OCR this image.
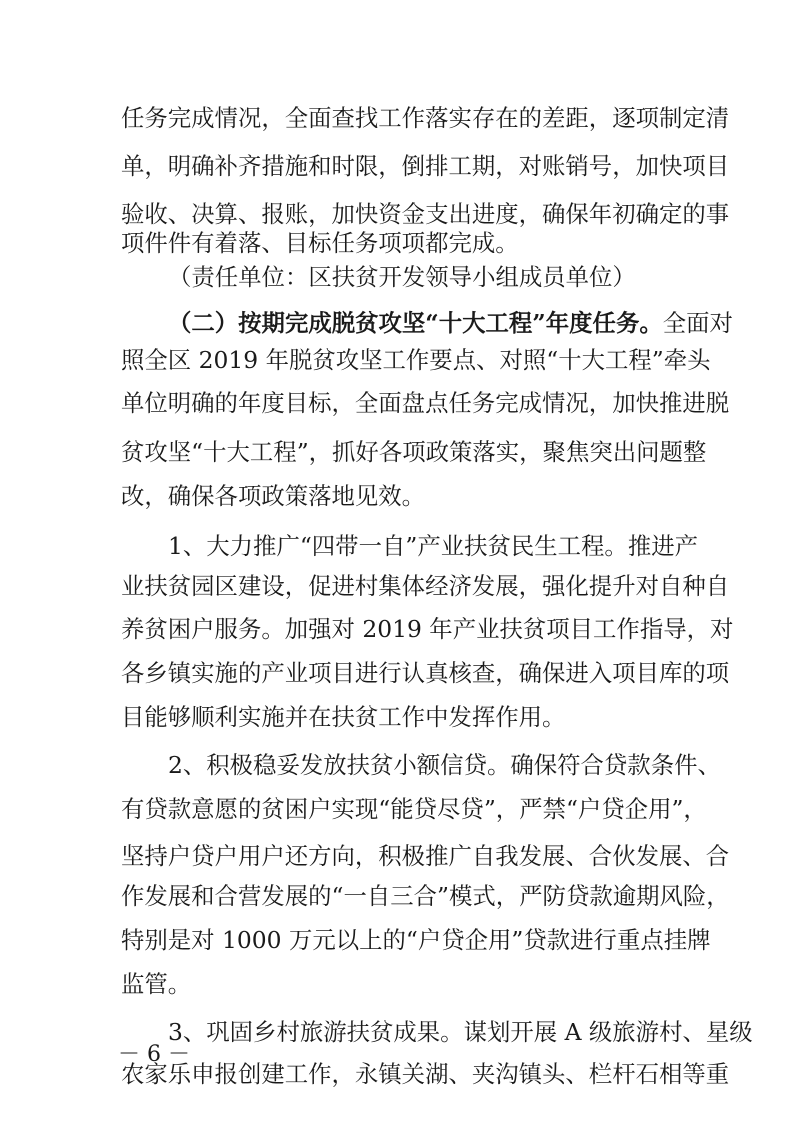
任务完成情况，全面查找工作落实存在的差距，逐项制定清
单，明确补齐措施和时限，倒排工期，对账销号，加快项目
验收、决算、报账，加快资金支出进度，确保年初确定的事
项件件有着落、目标任务项项都完成。
（责任单位：区扶贫开发领导小组成员单位）
（二）按期完成脱贫攻坚“十大工程”年度任务。全面对
照全区 2019 年脱贫攻坚工作要点、对照“十大工程”牵头
单位明确的年度目标，全面盘点任务完成情况，加快推进脱
贫攻坚“十大工程”，抓好各项政策落实，聚焦突出问题整
改，确保各项政策落地见效。
1、大力推广“四带一自”产业扶贫民生工程。推进产
业扶贫园区建设，促进村集体经济发展，强化提升对自种自
养贫困户服务。加强对 2019 年产业扶贫项目工作指导，对
各乡镇实施的产业项目进行认真核查，确保进入项目库的项
目能够顺利实施并在扶贫工作中发挥作用。
2、积极稳妥发放扶贫小额信贷。确保符合贷款条件、
有贷款意愿的贫困户实现“能贷尽贷”，严禁“户贷企用”，
坚持户贷户用户还方向，积极推广自我发展、合伙发展、合
作发展和合营发展的“一自三合”模式，严防贷款逾期风险，
特别是对 1000 万元以上的“户贷企用”贷款进行重点挂牌
监管。
3、巩固乡村旅游扶贫成果。谋划开展 A 级旅游村、星级
农家乐申报创建工作，永镇关湖、夹沟镇头、栏杆石相等重
－ 6 －
